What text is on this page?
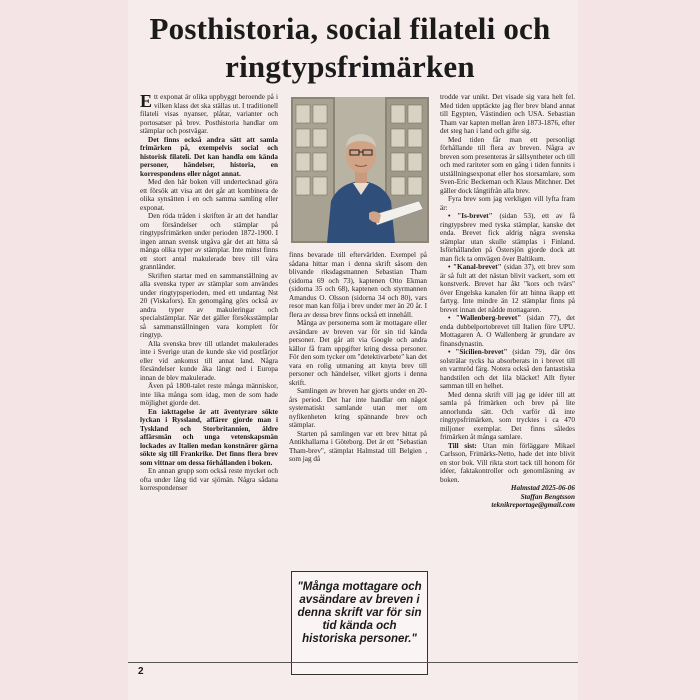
Posthistoria, social filateli och ringtypsfrimärken

Ett exponat är olika uppbyggt beroende på i vilken klass det ska ställas ut. I traditionell filateli visas nyanser, plåtar, varianter och portosatser på brev. Posthistoria handlar om stämplar och postvägar.

Det finns också andra sätt att samla frimärken på, exempelvis social och historisk filateli. Det kan handla om kända personer, händelser, historia, en korrespondens eller något annat.

Med den här boken vill undertecknad göra ett försök att visa att det går att kombinera de olika synsätten i en och samma samling eller exponat.

Den röda tråden i skriften är att det handlar om försändelser och stämplar på ringtypsfrimärken under perioden 1872-1900. I ingen annan svensk utgåva går det att hitta så många olika typer av stämplar. Inte minst finns ett stort antal makulerade brev till våra grannländer.

Skriften startar med en sammanställning av alla svenska typer av stämplar som användes under ringtypsperioden, med ett undantag Nst 20 (Viskafors). En genomgång görs också av andra typer av makuleringar och specialstämplar. När det gäller försöksstämplar så sammanställningen vara komplett för ringtyp.

Alla svenska brev till utlandet makulerades inte i Sverige utan de kunde ske vid postfärjor eller vid ankomst till annat land. Några försändelser kunde åka längt ned i Europa innan de blev makulerade.

Även på 1800-talet reste många människor, inte lika många som idag, men de som hade möjlighet gjorde det.

En iakttagelse är att äventyrare sökte lyckan i Ryssland, affärer gjorde man i Tyskland och Storbritannien, äldre affärsmän och unga vetenskapsmän lockades av Italien medan konstnärer gärna sökte sig till Frankrike. Det finns flera brev som vittnar om dessa förhållanden i boken.

En annan grupp som också reste mycket och ofta under lång tid var sjömän. Några sådana korrespondenser

finns bevarade till eftervärlden. Exempel på sådana hittar man i denna skrift såsom den blivande riksdagsmannen Sebastian Tham (sidorna 69 och 73), kaptenen Otto Ekman (sidorna 35 och 68), kaptenen och styrmannen Amandus O. Olsson (sidorna 34 och 80), vars resor man kan följa i brev under mer än 20 år. I flera av dessa brev finns också ett innehåll.

Många av personerna som är mottagare eller avsändare av breven var för sin tid kända personer. Det går att via Google och andra källor få fram uppgifter kring dessa personer. För den som tycker om "detektivarbete" kan det vara en rolig utmaning att knyta brev till personer och händelser, vilket gjorts i denna skrift.

Samlingen av breven har gjorts under en 20-års period. Det har inte handlar om något systematiskt samlande utan mer om nyfikenheten kring spännande brev och stämplar.

Starten på samlingen var ett brev hittat på Antikhallarna i Göteborg. Det är ett "Sebastian Tham-brev", stämplat Halmstad till Belgien , som jag då

"Många mottagare och avsändare av breven i denna skrift var för sin tid kända och historiska personer."

trodde var unikt. Det visade sig vara helt fel. Med tiden upptäckte jag fler brev bland annat till Egypten, Västindien och USA. Sebastian Tham var kapten mellan åren 1873-1876, efter det steg han i land och gifte sig.

Med tiden får man ett personligt förhållande till flera av breven. Några av breven som presenteras är sällsyntheter och till och med rariteter som en gång i tiden funnits i utställningsexponat eller hos storsamlare, som Sven-Eric Beckeman och Klaus Mitchner. Det gäller dock långtifrån alla brev.

Fyra brev som jag verkligen vill lyfta fram är:

• "Is-brevet" (sidan 53), ett av få ringtypsbrev med tyska stämplar, kanske det enda. Brevet fick aldrig några svenska stämplar utan skulle stämplas i Finland. Isförhållanden på Östersjön gjorde dock att man fick ta omvägen över Baltikum.

• "Kanal-brevet" (sidan 37), ett brev som är så fult att det nästan blivit vackert, som ett konstverk. Brevet har åkt "kors och tvärs" över Engelska kanalen för att hinna ikapp ett fartyg. Inte mindre än 12 stämplar finns på brevet innan det nådde mottagaren.

• "Wallenberg-brevet" (sidan 77), det enda dubbelportobrevet till Italien före UPU. Mottagaren A. O Wallenberg är grundare av finansdynastin.

• "Sicilien-brevet" (sidan 79), där öns solsträlar tycks ha absorberats in i brevet till en varmröd färg. Notera också den fantastiska handstilen och det lila bläcket! Allt flyter samman till en helhet.

Med denna skrift vill jag ge idéer till att samla på frimärken och brev på lite annorlunda sätt. Och varför då inte ringtypsfrimärken, som trycktes i ca 470 miljoner exemplar. Det finns således frimärken åt många samlare.

Till sist: Utan min förläggare Mikael Carlsson, Frimärks-Netto, hade det inte blivit en stor bok. Vill rikta stort tack till honom för idéer, faktakontroller och genomläsning av boken.

Halmstad 2025-06-06

Staffan Bengtsson

teknikreportage@gmail.com

2
